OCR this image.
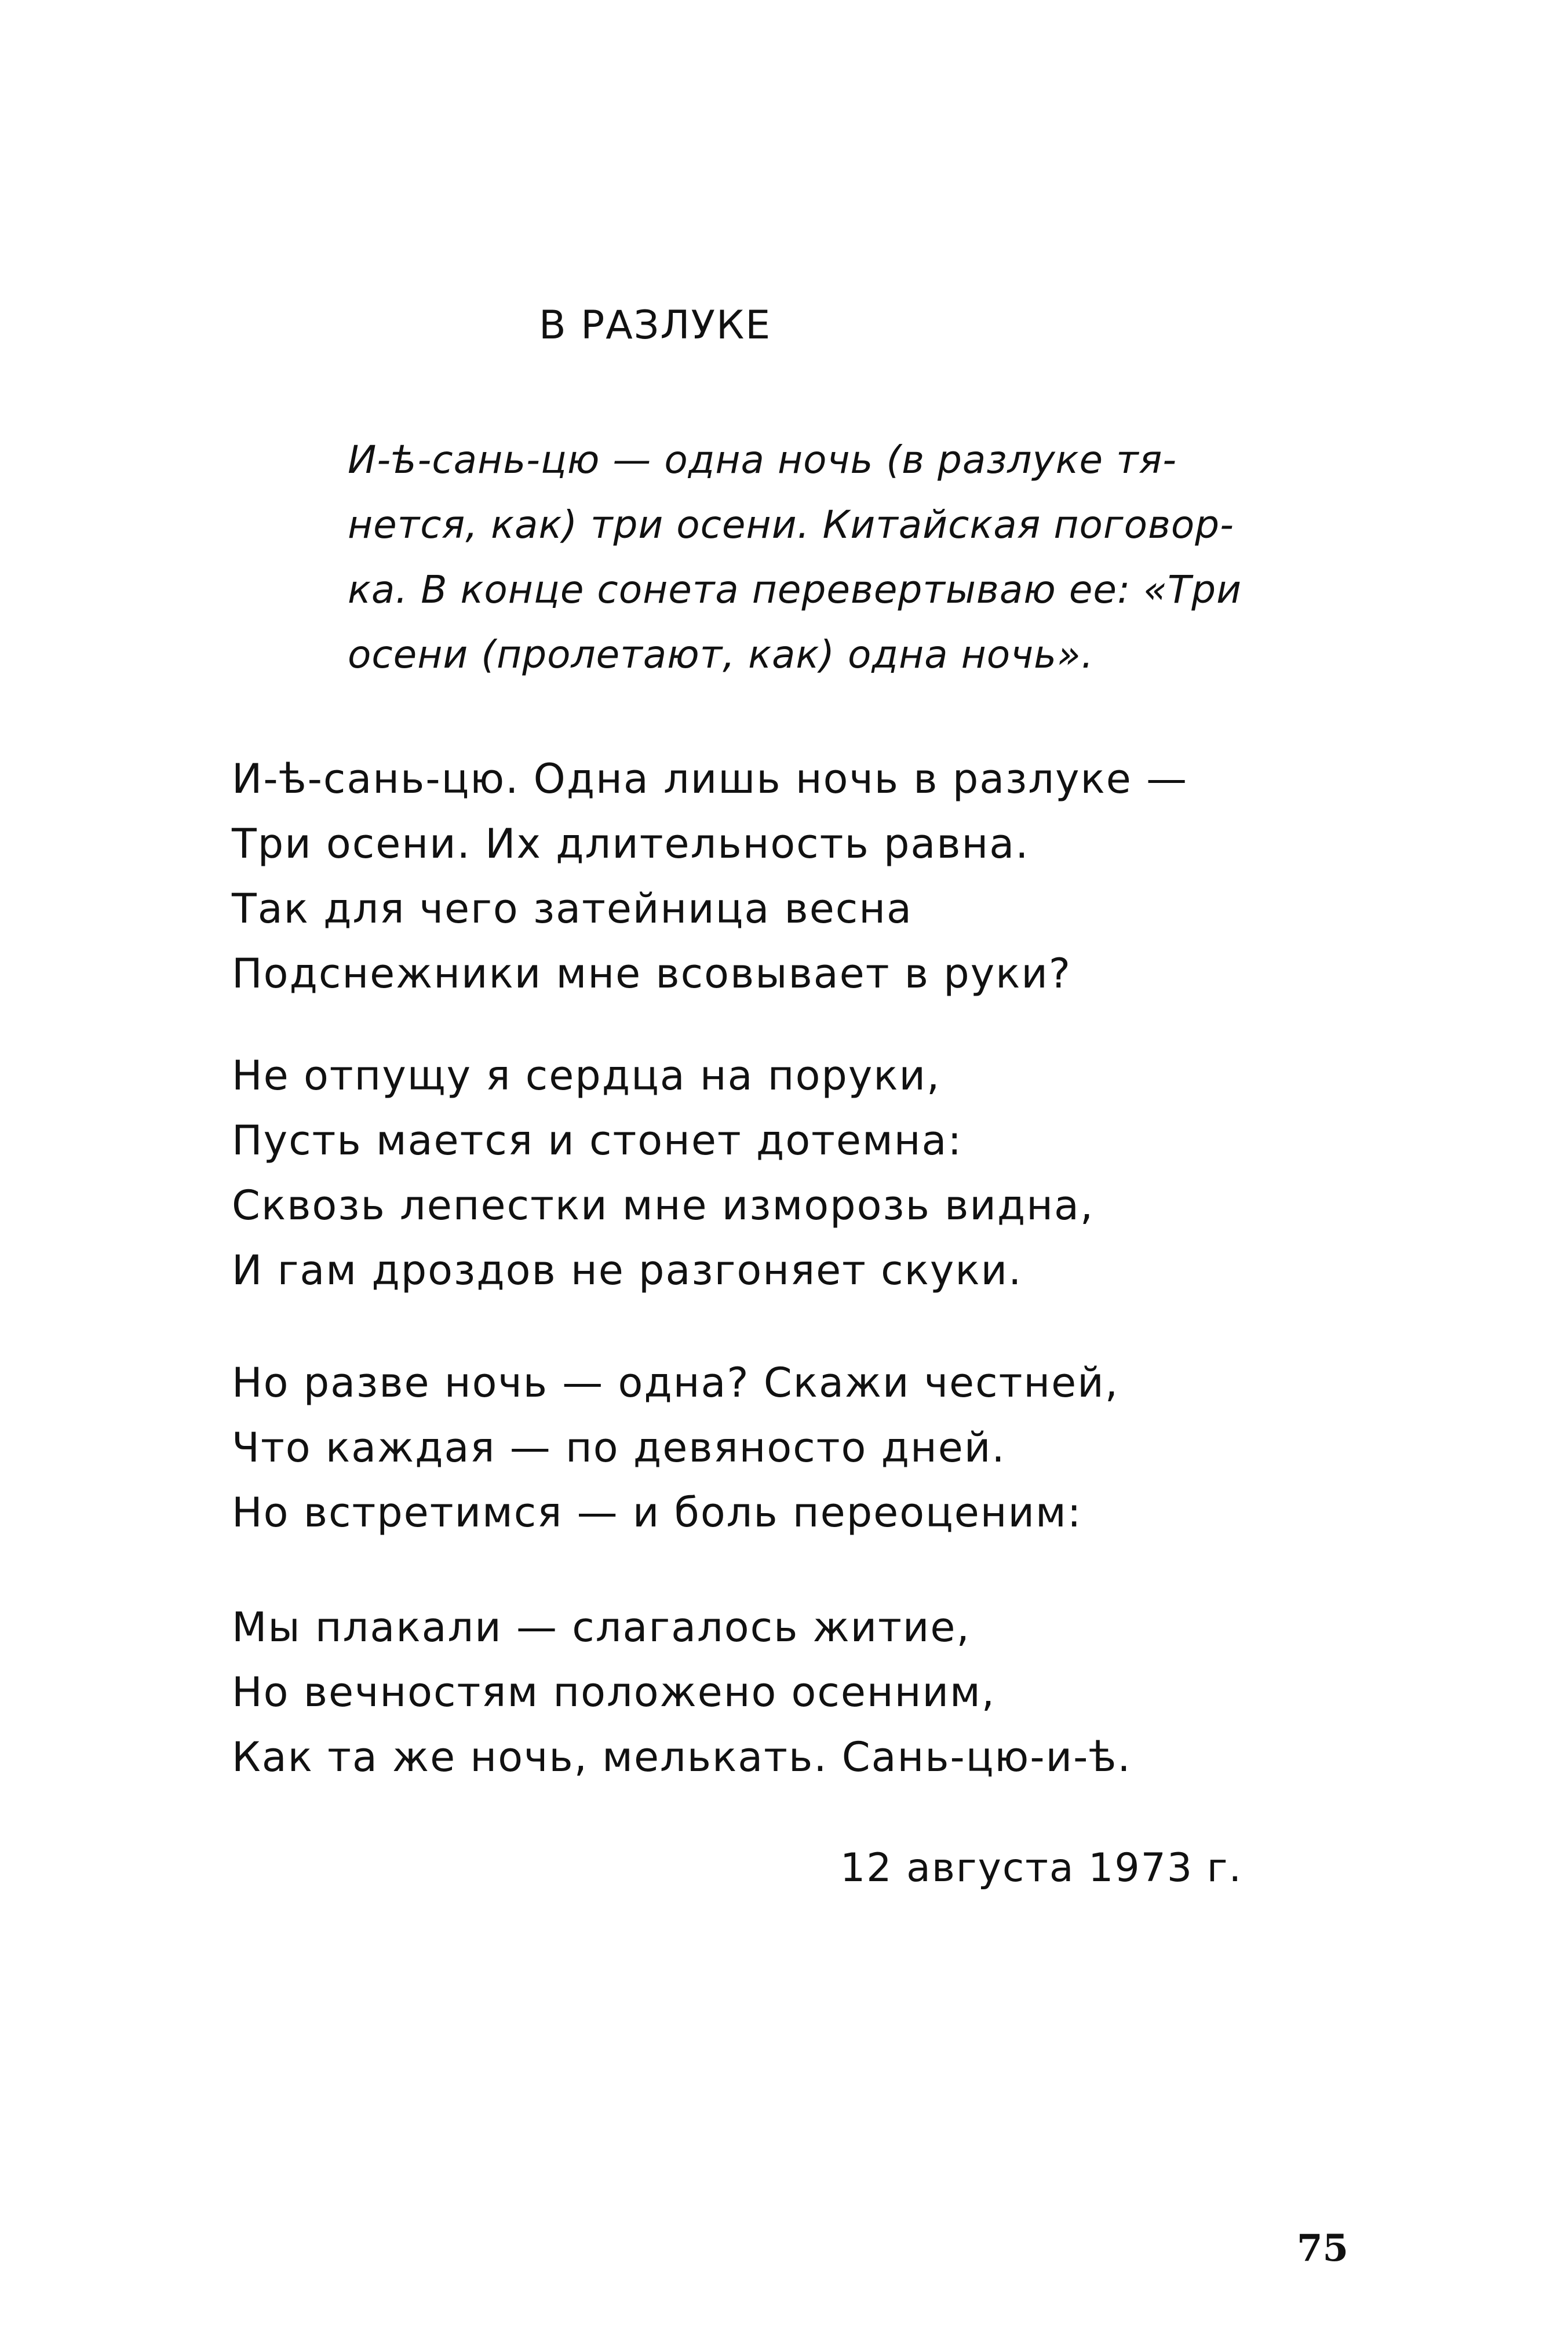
В РАЗЛУКЕ
И-ѣ-сань-цю — одна ночь (в разлуке тя-
нется, как) три осени. Китайская поговор-
ка. В конце сонета перевертываю ее: «Три
осени (пролетают, как) одна ночь».
И-ѣ-сань-цю. Одна лишь ночь в разлуке —
Три осени. Их длительность равна.
Так для чего затейница весна
Подснежники мне всовывает в руки?
Не отпущу я сердца на поруки,
Пусть мается и стонет дотемна:
Сквозь лепестки мне изморозь видна,
И гам дроздов не разгоняет скуки.
Но разве ночь — одна? Скажи честней,
Что каждая — по девяносто дней.
Но встретимся — и боль переоценим:
Мы плакали — слагалось житие,
Но вечностям положено осенним,
Как та же ночь, мелькать. Сань-цю-и-ѣ.
12 августа 1973 г.
75
